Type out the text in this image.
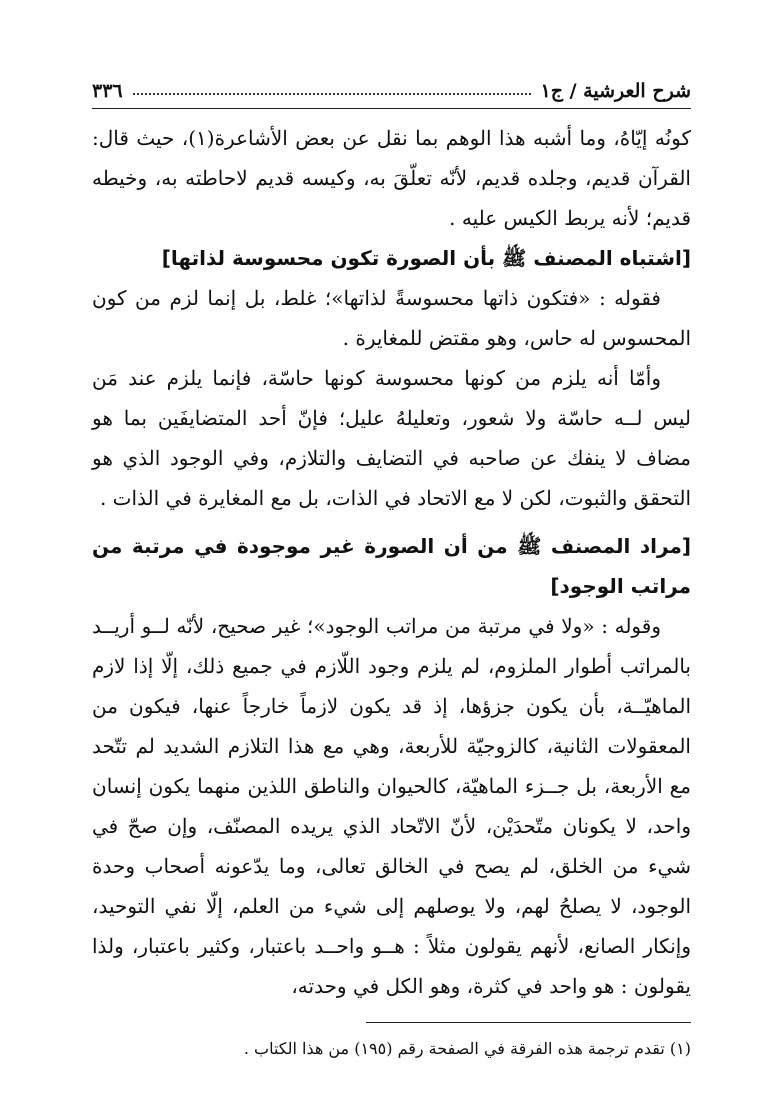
٣٣٦	شرح العرشية / ج١

كونُه إيّاهُ، وما أشبه هذا الوهم بما نقل عن بعض الأشاعرة(١)، حيث قال: القرآن قديم، وجلده قديم، لأنّه تعلّقَ به، وكيسه قديم لاحاطته به، وخيطه قديم؛ لأنه يربط الكيس عليه .

[اشتباه المصنف ﷺ بأن الصورة تكون محسوسة لذاتها]

فقوله : «فتكون ذاتها محسوسةً لذاتها»؛ غلط، بل إنما لزم من كون المحسوس له حاس، وهو مقتض للمغايرة .

وأمّا أنه يلزم من كونها محسوسة كونها حاسّة، فإنما يلزم عند مَن ليس لــه حاسّة ولا شعور، وتعليلهُ عليل؛ فإنّ أحد المتضايفَين بما هو مضاف لا ينفك عن صاحبه في التضايف والتلازم، وفي الوجود الذي هو التحقق والثبوت، لكن لا مع الاتحاد في الذات، بل مع المغايرة في الذات .

[مراد المصنف ﷺ من أن الصورة غير موجودة في مرتبة من مراتب الوجود]

وقوله : «ولا في مرتبة من مراتب الوجود»؛ غير صحيح، لأنّه لــو أريــد بالمراتب أطوار الملزوم، لم يلزم وجود اللّازم في جميع ذلك، إلّا إذا لازم الماهيّــة، بأن يكون جزؤها، إذ قد يكون لازماً خارجاً عنها، فيكون من المعقولات الثانية، كالزوجيّة للأربعة، وهي مع هذا التلازم الشديد لم تتّحد مع الأربعة، بل جــزء الماهيّة، كالحيوان والناطق اللذين منهما يكون إنسان واحد، لا يكونان متّحدَيْن، لأنّ الاتّحاد الذي يريده المصنّف، وإن صحّ في شيء من الخلق، لم يصح في الخالق تعالى، وما يدّعونه أصحاب وحدة الوجود، لا يصلحُ لهم، ولا يوصلهم إلى شيء من العلم، إلّا نفي التوحيد، وإنكار الصانع، لأنهم يقولون مثلاً : هــو واحــد باعتبار، وكثير باعتبار، ولذا يقولون : هو واحد في كثرة، وهو الكل في وحدته،

(١) تقدم ترجمة هذه الفرقة في الصفحة رقم (١٩٥) من هذا الكتاب .
